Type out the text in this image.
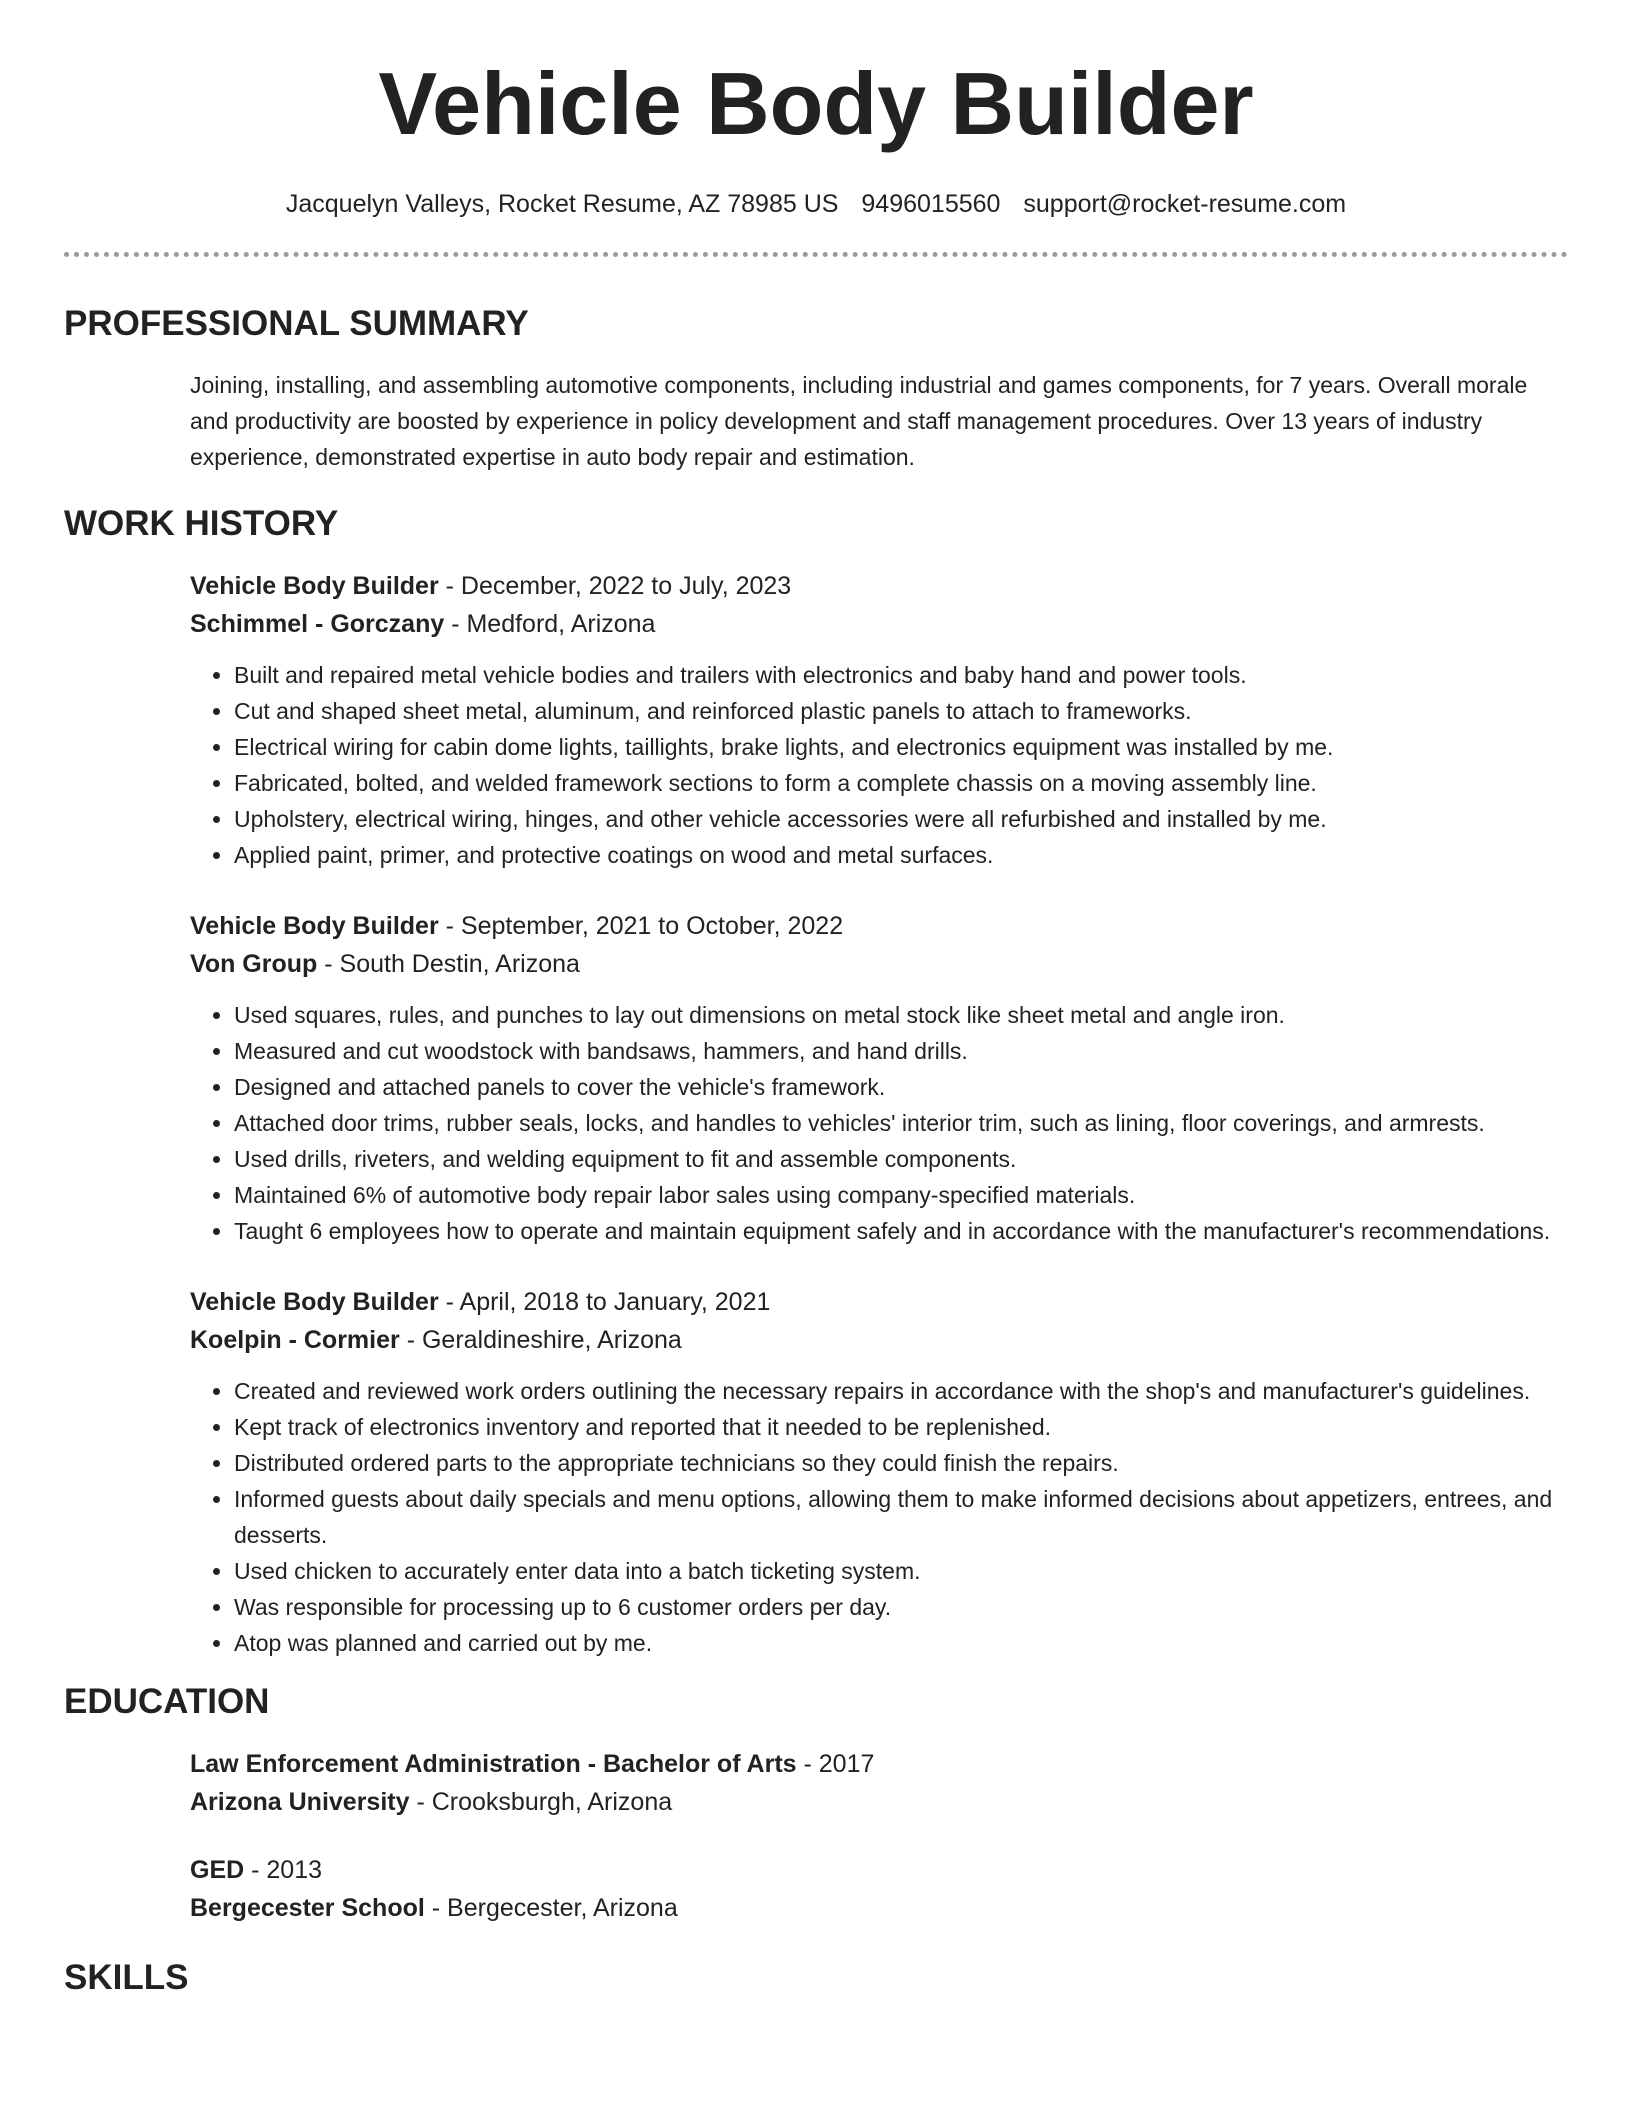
Vehicle Body Builder
Jacquelyn Valleys, Rocket Resume, AZ 78985 US 9496015560 support@rocket-resume.com
PROFESSIONAL SUMMARY

Joining, installing, and assembling automotive components, including industrial and games components, for 7 years. Overall morale and productivity are boosted by experience in policy development and staff management procedures. Over 13 years of industry experience, demonstrated expertise in auto body repair and estimation.

WORK HISTORY

Vehicle Body Builder - December, 2022 to July, 2023

Schimmel - Gorczany - Medford, Arizona

• Built and repaired metal vehicle bodies and trailers with electronics and baby hand and power tools.
• Cut and shaped sheet metal, aluminum, and reinforced plastic panels to attach to frameworks.
• Electrical wiring for cabin dome lights, taillights, brake lights, and electronics equipment was installed by me.
• Fabricated, bolted, and welded framework sections to form a complete chassis on a moving assembly line.
• Upholstery, electrical wiring, hinges, and other vehicle accessories were all refurbished and installed by me.
• Applied paint, primer, and protective coatings on wood and metal surfaces.

Vehicle Body Builder - September, 2021 to October, 2022

Von Group - South Destin, Arizona

• Used squares, rules, and punches to lay out dimensions on metal stock like sheet metal and angle iron.
• Measured and cut woodstock with bandsaws, hammers, and hand drills.
• Designed and attached panels to cover the vehicle's framework.
• Attached door trims, rubber seals, locks, and handles to vehicles' interior trim, such as lining, floor coverings, and armrests.
• Used drills, riveters, and welding equipment to fit and assemble components.
• Maintained 6% of automotive body repair labor sales using company-specified materials.
• Taught 6 employees how to operate and maintain equipment safely and in accordance with the manufacturer's recommendations.

Vehicle Body Builder - April, 2018 to January, 2021

Koelpin - Cormier - Geraldineshire, Arizona

• Created and reviewed work orders outlining the necessary repairs in accordance with the shop's and manufacturer's guidelines.
• Kept track of electronics inventory and reported that it needed to be replenished.
• Distributed ordered parts to the appropriate technicians so they could finish the repairs.
• Informed guests about daily specials and menu options, allowing them to make informed decisions about appetizers, entrees, and desserts.
• Used chicken to accurately enter data into a batch ticketing system.
• Was responsible for processing up to 6 customer orders per day.
• Atop was planned and carried out by me.
EDUCATION

Law Enforcement Administration - Bachelor of Arts - 2017

Arizona University - Crooksburgh, Arizona

GED - 2013

Bergecester School - Bergecester, Arizona

SKILLS
